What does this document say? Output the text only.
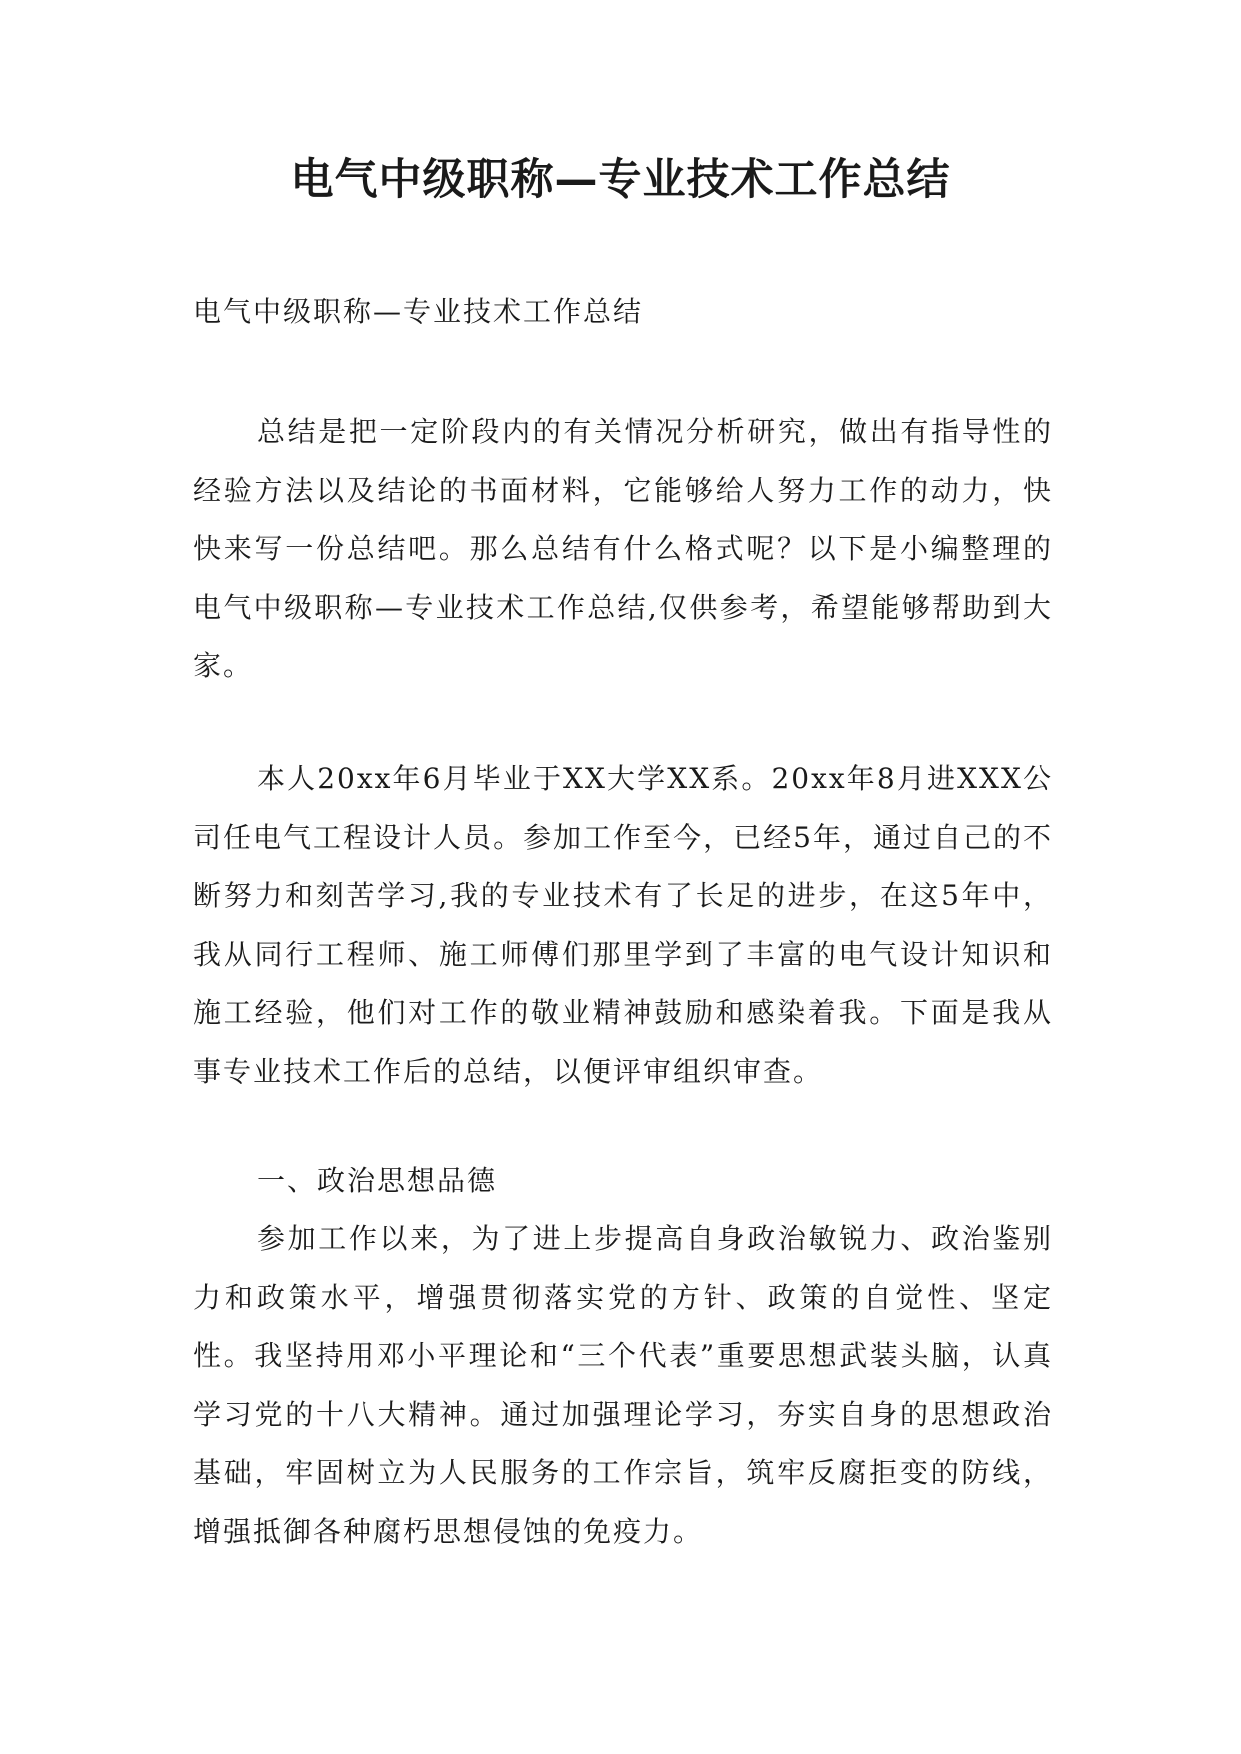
电气中级职称—专业技术工作总结

电气中级职称—专业技术工作总结

总结是把一定阶段内的有关情况分析研究，做出有指导性的经验方法以及结论的书面材料，它能够给人努力工作的动力，快快来写一份总结吧。那么总结有什么格式呢？以下是小编整理的电气中级职称—专业技术工作总结,仅供参考，希望能够帮助到大家。

本人20xx年6月毕业于XX大学XX系。20xx年8月进XXX公司任电气工程设计人员。参加工作至今，已经5年，通过自己的不断努力和刻苦学习,我的专业技术有了长足的进步，在这5年中，我从同行工程师、施工师傅们那里学到了丰富的电气设计知识和施工经验，他们对工作的敬业精神鼓励和感染着我。下面是我从事专业技术工作后的总结，以便评审组织审查。

一、政治思想品德

参加工作以来，为了进上步提高自身政治敏锐力、政治鉴别力和政策水平，增强贯彻落实党的方针、政策的自觉性、坚定性。我坚持用邓小平理论和“三个代表”重要思想武装头脑，认真学习党的十八大精神。通过加强理论学习，夯实自身的思想政治基础，牢固树立为人民服务的工作宗旨，筑牢反腐拒变的防线，增强抵御各种腐朽思想侵蚀的免疫力。
